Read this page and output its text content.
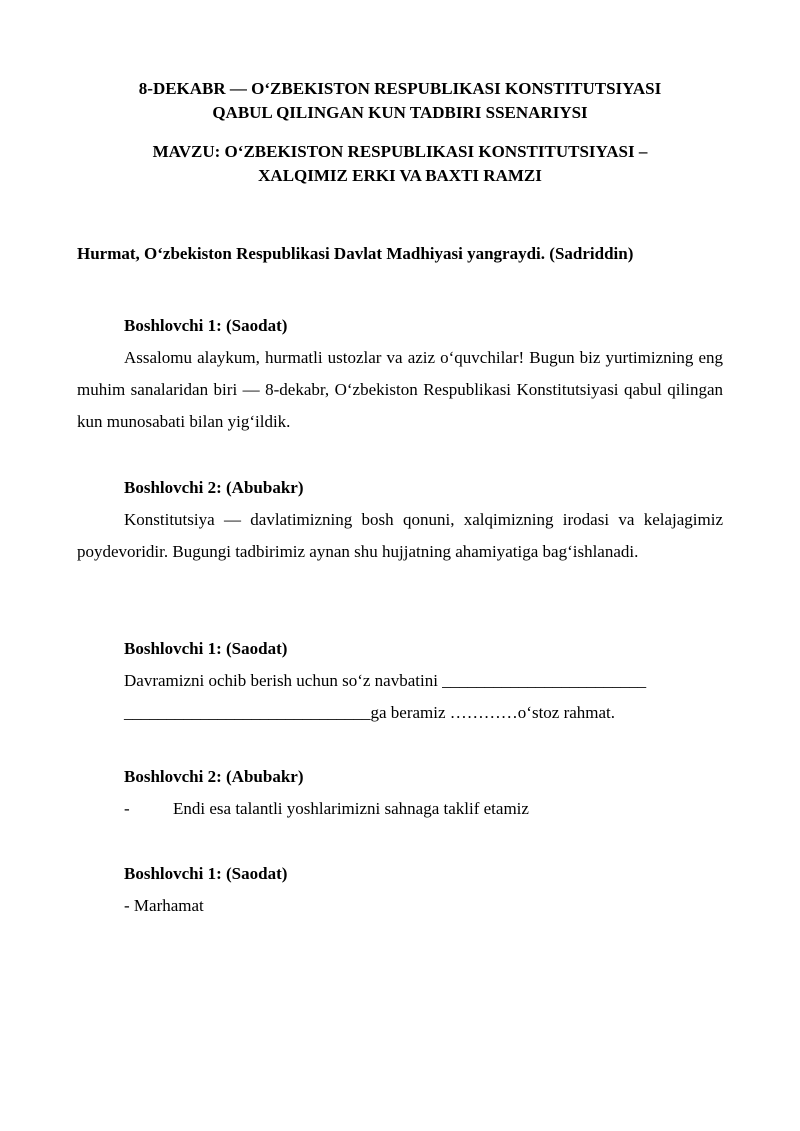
8-DEKABR — O‘ZBEKISTON RESPUBLIKASI KONSTITUTSIYASI

QABUL QILINGAN KUN TADBIRI SSENARIYSI

MAVZU: O‘ZBEKISTON RESPUBLIKASI KONSTITUTSIYASI –

XALQIMIZ ERKI VA BAXTI RAMZI

Hurmat, O‘zbekiston Respublikasi Davlat Madhiyasi yangraydi. (Sadriddin)

Boshlovchi 1: (Saodat)

Assalomu alaykum, hurmatli ustozlar va aziz o‘quvchilar! Bugun biz yurtimizning eng muhim sanalaridan biri — 8-dekabr, O‘zbekiston Respublikasi Konstitutsiyasi qabul qilingan kun munosabati bilan yig‘ildik.

Boshlovchi 2: (Abubakr)

Konstitutsiya — davlatimizning bosh qonuni, xalqimizning irodasi va kelajagimiz poydevoridir. Bugungi tadbirimiz aynan shu hujjatning ahamiyatiga bag‘ishlanadi.

Boshlovchi 1: (Saodat)

Davramizni ochib berish uchun so‘z navbatini ________________________

_____________________________ga beramiz …………o‘stoz rahmat.

Boshlovchi 2: (Abubakr)

-	Endi esa talantli yoshlarimizni sahnaga taklif etamiz

Boshlovchi 1: (Saodat)

- Marhamat
